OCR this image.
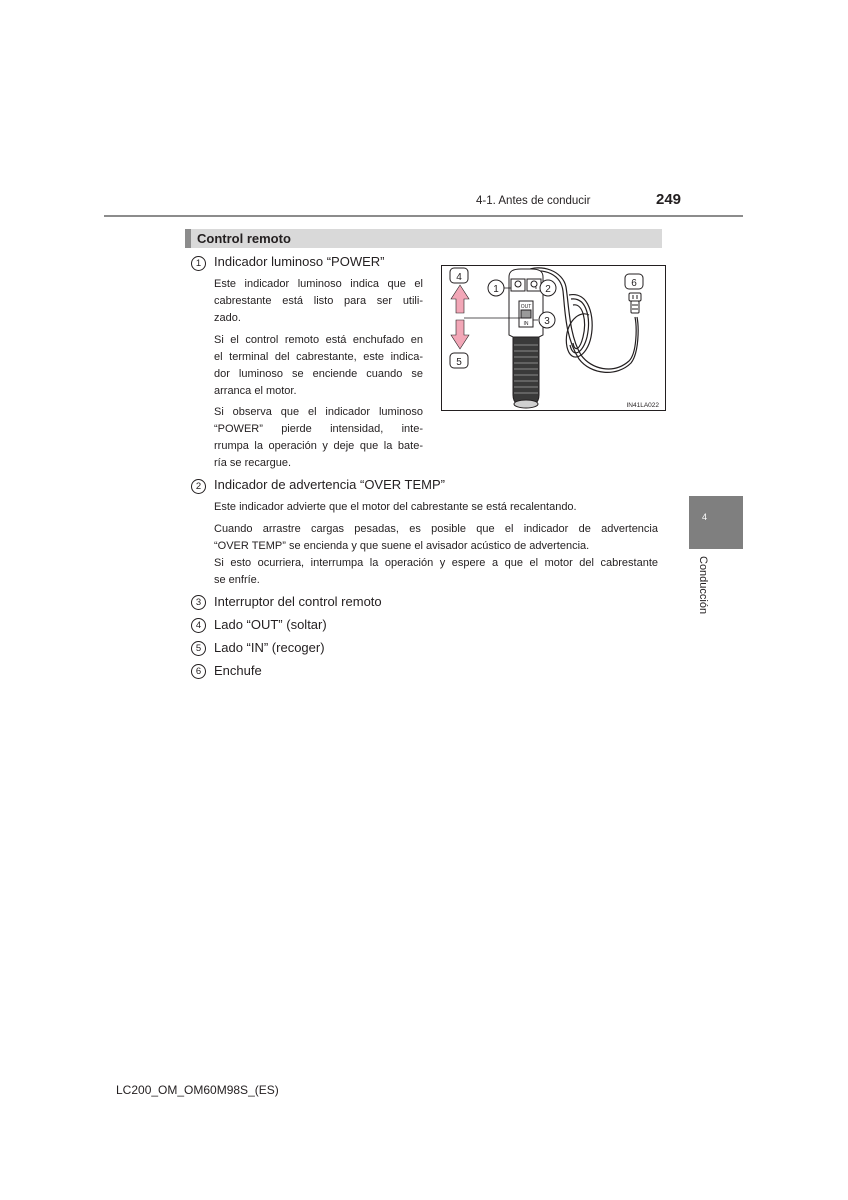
4-1. Antes de conducir	249
Control remoto
1 Indicador luminoso “POWER”
Este indicador luminoso indica que el
cabrestante está listo para ser utili-
zado.
Si el control remoto está enchufado en
el terminal del cabrestante, este indica-
dor luminoso se enciende cuando se
arranca el motor.
Si observa que el indicador luminoso
“POWER” pierde intensidad, inte-
rrumpa la operación y deje que la bate-
ría se recargue.
OUT
IN
4
5
1	2
3
6
IN41LA022
2 Indicador de advertencia “OVER TEMP”
Este indicador advierte que el motor del cabrestante se está recalentando.
Cuando arrastre cargas pesadas, es posible que el indicador de advertencia
“OVER TEMP” se encienda y que suene el avisador acústico de advertencia.
Si esto ocurriera, interrumpa la operación y espere a que el motor del cabrestante
se enfríe.
3 Interruptor del control remoto
4 Lado “OUT” (soltar)
5 Lado “IN” (recoger)
6 Enchufe
4
Conducción
LC200_OM_OM60M98S_(ES)
